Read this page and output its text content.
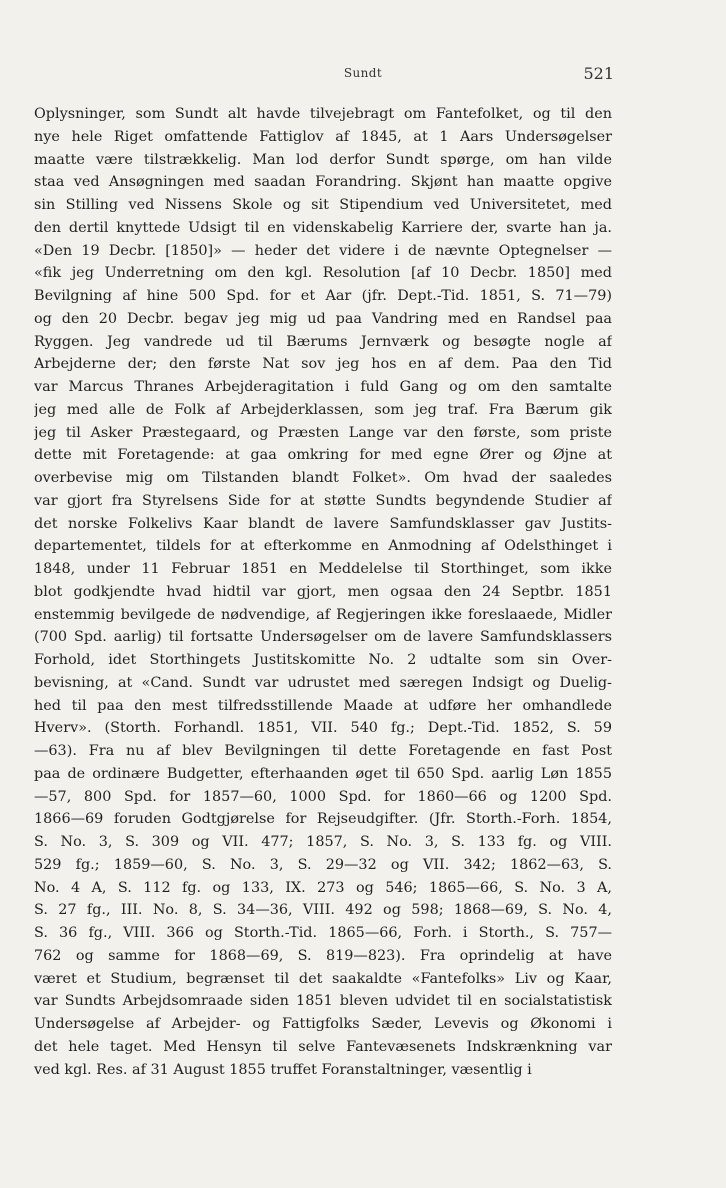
Sundt	521
Oplysninger, som Sundt alt havde tilvejebragt om Fantefolket, og til den
nye hele Riget omfattende Fattiglov af 1845, at 1 Aars Undersøgelser
maatte være tilstrækkelig. Man lod derfor Sundt spørge, om han vilde
staa ved Ansøgningen med saadan Forandring. Skjønt han maatte opgive
sin Stilling ved Nissens Skole og sit Stipendium ved Universitetet, med
den dertil knyttede Udsigt til en videnskabelig Karriere der, svarte han ja.
«Den 19 Decbr. [1850]» — heder det videre i de nævnte Optegnelser —
«fik jeg Underretning om den kgl. Resolution [af 10 Decbr. 1850] med
Bevilgning af hine 500 Spd. for et Aar (jfr. Dept.-Tid. 1851, S. 71—79)
og den 20 Decbr. begav jeg mig ud paa Vandring med en Randsel paa
Ryggen. Jeg vandrede ud til Bærums Jernværk og besøgte nogle af
Arbejderne der; den første Nat sov jeg hos en af dem. Paa den Tid
var Marcus Thranes Arbejderagitation i fuld Gang og om den samtalte
jeg med alle de Folk af Arbejderklassen, som jeg traf. Fra Bærum gik
jeg til Asker Præstegaard, og Præsten Lange var den første, som priste
dette mit Foretagende: at gaa omkring for med egne Ører og Øjne at
overbevise mig om Tilstanden blandt Folket». Om hvad der saaledes
var gjort fra Styrelsens Side for at støtte Sundts begyndende Studier af
det norske Folkelivs Kaar blandt de lavere Samfundsklasser gav Justits-
departementet, tildels for at efterkomme en Anmodning af Odelsthinget i
1848, under 11 Februar 1851 en Meddelelse til Storthinget, som ikke
blot godkjendte hvad hidtil var gjort, men ogsaa den 24 Septbr. 1851
enstemmig bevilgede de nødvendige, af Regjeringen ikke foreslaaede, Midler
(700 Spd. aarlig) til fortsatte Undersøgelser om de lavere Samfundsklassers
Forhold, idet Storthingets Justitskomitte No. 2 udtalte som sin Over-
bevisning, at «Cand. Sundt var udrustet med særegen Indsigt og Duelig-
hed til paa den mest tilfredsstillende Maade at udføre her omhandlede
Hverv». (Storth. Forhandl. 1851, VII. 540 fg.; Dept.-Tid. 1852, S. 59
—63). Fra nu af blev Bevilgningen til dette Foretagende en fast Post
paa de ordinære Budgetter, efterhaanden øget til 650 Spd. aarlig Løn 1855
—57, 800 Spd. for 1857—60, 1000 Spd. for 1860—66 og 1200 Spd.
1866—69 foruden Godtgjørelse for Rejseudgifter. (Jfr. Storth.-Forh. 1854,
S. No. 3, S. 309 og VII. 477; 1857, S. No. 3, S. 133 fg. og VIII.
529 fg.; 1859—60, S. No. 3, S. 29—32 og VII. 342; 1862—63, S.
No. 4 A, S. 112 fg. og 133, IX. 273 og 546; 1865—66, S. No. 3 A,
S. 27 fg., III. No. 8, S. 34—36, VIII. 492 og 598; 1868—69, S. No. 4,
S. 36 fg., VIII. 366 og Storth.-Tid. 1865—66, Forh. i Storth., S. 757—
762 og samme for 1868—69, S. 819—823). Fra oprindelig at have
været et Studium, begrænset til det saakaldte «Fantefolks» Liv og Kaar,
var Sundts Arbejdsomraade siden 1851 bleven udvidet til en socialstatistisk
Undersøgelse af Arbejder- og Fattigfolks Sæder, Levevis og Økonomi i
det hele taget. Med Hensyn til selve Fantevæsenets Indskrænkning var
ved kgl. Res. af 31 August 1855 truffet Foranstaltninger, væsentlig i
